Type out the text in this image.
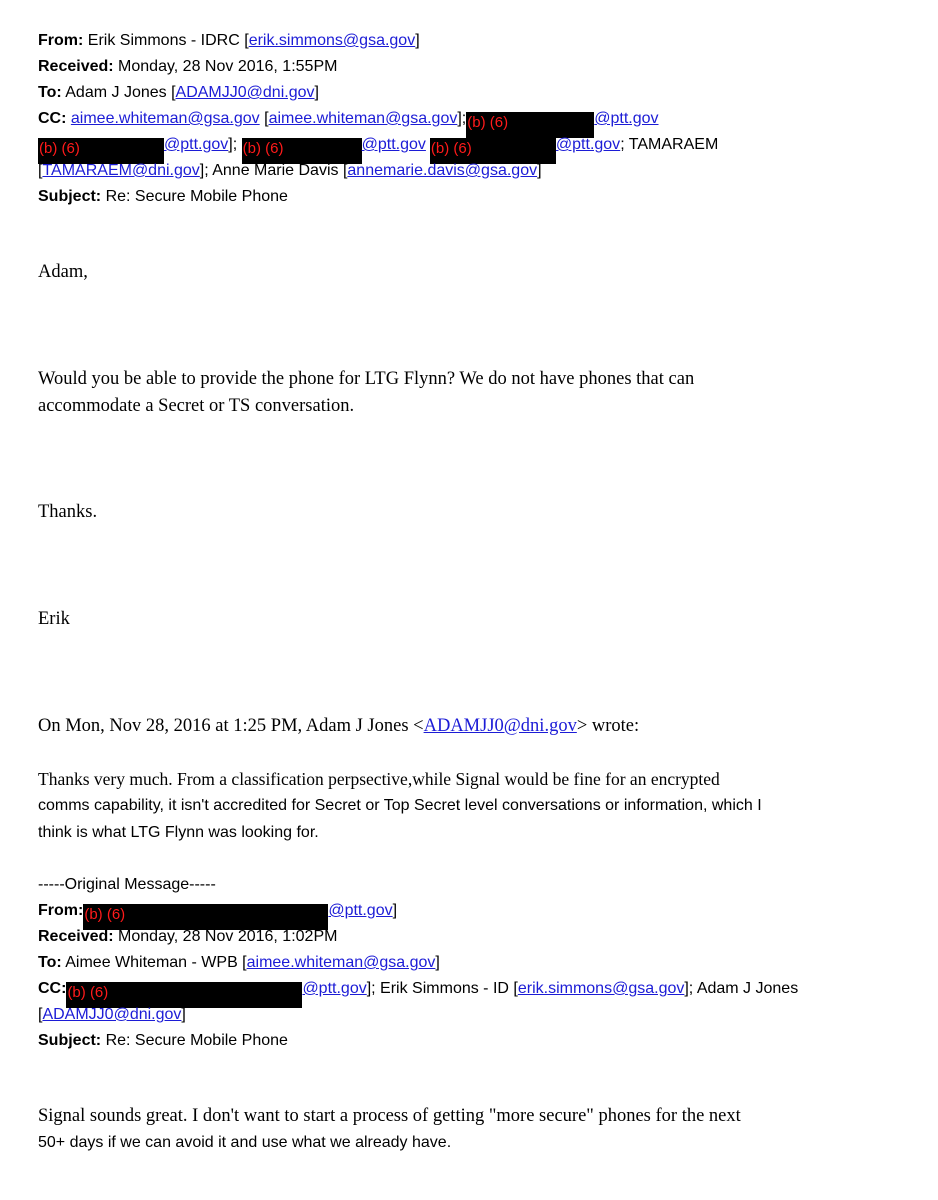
From: Erik Simmons - IDRC [erik.simmons@gsa.gov]
Received: Monday, 28 Nov 2016, 1:55PM
To: Adam J Jones [ADAMJJ0@dni.gov]
CC: aimee.whiteman@gsa.gov [aimee.whiteman@gsa.gov];(b) (6)	@ptt.gov
(b) (6)	@ptt.gov]; (b) (6)	@ptt.gov (b) (6)	@ptt.gov; TAMARAEM
[TAMARAEM@dni.gov]; Anne Marie Davis [annemarie.davis@gsa.gov]
Subject: Re: Secure Mobile Phone
Adam,
Would you be able to provide the phone for LTG Flynn? We do not have phones that can
accommodate a Secret or TS conversation.
Thanks.
Erik
On Mon, Nov 28, 2016 at 1:25 PM, Adam J Jones <ADAMJJ0@dni.gov> wrote:
Thanks very much. From a classification perpsective,while Signal would be fine for an encrypted
comms capability, it isn't accredited for Secret or Top Secret level conversations or information, which I
think is what LTG Flynn was looking for.
-----Original Message-----
From:(b) (6)	@ptt.gov]
Received: Monday, 28 Nov 2016, 1:02PM
To: Aimee Whiteman - WPB [aimee.whiteman@gsa.gov]
CC:(b) (6)	@ptt.gov]; Erik Simmons - ID [erik.simmons@gsa.gov]; Adam J Jones
[ADAMJJ0@dni.gov]
Subject: Re: Secure Mobile Phone
Signal sounds great. I don't want to start a process of getting "more secure" phones for the next
50+ days if we can avoid it and use what we already have.
